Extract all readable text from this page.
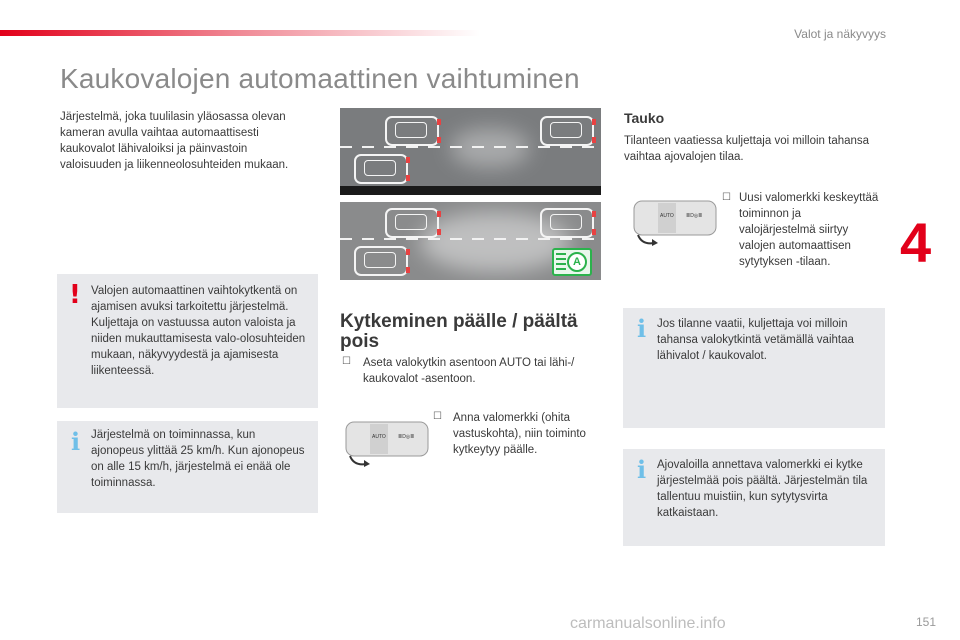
Valot ja näkyvyys
4
Kaukovalojen automaattinen vaihtuminen
Järjestelmä, joka tuulilasin yläosassa olevan kameran avulla vaihtaa automaattisesti kaukovalot lähivaloiksi ja päinvastoin valoisuuden ja liikenneolosuhteiden mukaan.
! Valojen automaattinen vaihtokytkentä on ajamisen avuksi tarkoitettu järjestelmä. Kuljettaja on vastuussa auton valoista ja niiden mukauttamisesta valo-olosuhteiden mukaan, näkyvyydestä ja ajamisesta liikenteessä.
i Järjestelmä on toiminnassa, kun ajonopeus ylittää 25 km/h. Kun ajonopeus on alle 15 km/h, järjestelmä ei enää ole toiminnassa.
A
Kytkeminen päälle / päältä pois
☐ Aseta valokytkin asentoon AUTO tai lähi-/ kaukovalot -asentoon.
AUTO ≣D◎≣
☐ Anna valomerkki (ohita vastuskohta), niin toiminto kytkeytyy päälle.
Tauko
Tilanteen vaatiessa kuljettaja voi milloin tahansa vaihtaa ajovalojen tilaa.
AUTO ≣D◎≣
☐ Uusi valomerkki keskeyttää toiminnon ja valojärjestelmä siirtyy valojen automaattisen sytytyksen -tilaan.
i Jos tilanne vaatii, kuljettaja voi milloin tahansa valokytkintä vetämällä vaihtaa lähivalot / kaukovalot.
i Ajovaloilla annettava valomerkki ei kytke järjestelmää pois päältä. Järjestelmän tila tallentuu muistiin, kun sytytysvirta katkaistaan.
carmanualsonline.info	151
